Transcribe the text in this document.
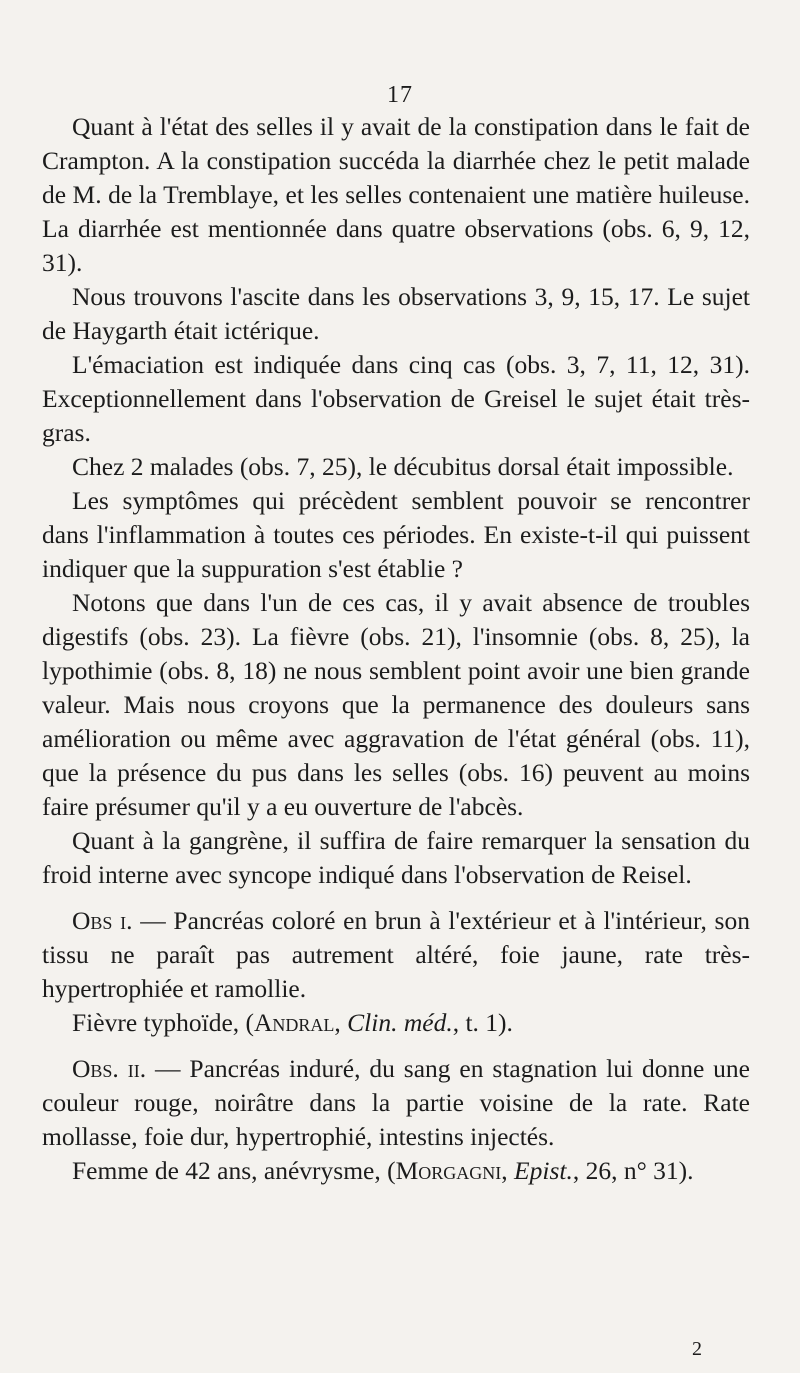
17

Quant à l'état des selles il y avait de la constipation dans le fait de Crampton. A la constipation succéda la diarrhée chez le petit malade de M. de la Tremblaye, et les selles contenaient une matière huileuse. La diarrhée est mentionnée dans quatre observations (obs. 6, 9, 12, 31).

Nous trouvons l'ascite dans les observations 3, 9, 15, 17. Le sujet de Haygarth était ictérique.

L'émaciation est indiquée dans cinq cas (obs. 3, 7, 11, 12, 31). Exceptionnellement dans l'observation de Greisel le sujet était très-gras.

Chez 2 malades (obs. 7, 25), le décubitus dorsal était impossible.

Les symptômes qui précèdent semblent pouvoir se rencontrer dans l'inflammation à toutes ces périodes. En existe-t-il qui puissent indiquer que la suppuration s'est établie ?

Notons que dans l'un de ces cas, il y avait absence de troubles digestifs (obs. 23). La fièvre (obs. 21), l'insomnie (obs. 8, 25), la lypothimie (obs. 8, 18) ne nous semblent point avoir une bien grande valeur. Mais nous croyons que la permanence des douleurs sans amélioration ou même avec aggravation de l'état général (obs. 11), que la présence du pus dans les selles (obs. 16) peuvent au moins faire présumer qu'il y a eu ouverture de l'abcès.

Quant à la gangrène, il suffira de faire remarquer la sensation du froid interne avec syncope indiqué dans l'observation de Reisel.

Obs i. — Pancréas coloré en brun à l'extérieur et à l'intérieur, son tissu ne paraît pas autrement altéré, foie jaune, rate très-hypertrophiée et ramollie.

Fièvre typhoïde, (Andral, Clin. méd., t. 1).

Obs. ii. — Pancréas induré, du sang en stagnation lui donne une couleur rouge, noirâtre dans la partie voisine de la rate. Rate mollasse, foie dur, hypertrophié, intestins injectés.

Femme de 42 ans, anévrysme, (Morgagni, Epist., 26, n° 31).

2
